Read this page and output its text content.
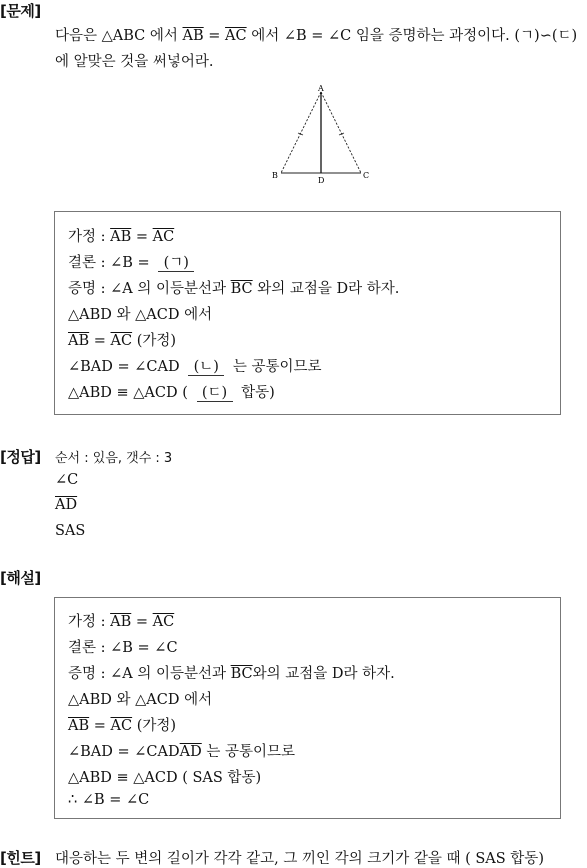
[문제]
다음은 △ABC 에서 $\overline{AB} = \overline{AC}$ 에서 ∠B = ∠C 임을 증명하는 과정이다. (ㄱ)∽(ㄷ)
에 알맞은 것을 써넣어라.
A
B	C
D
가정 : $\overline{AB} = \overline{AC}$
결론 : ∠B = (ㄱ)
증명 : ∠A 의 이등분선과 $\overline{BC}$ 와의 교점을 D라 하자.
△ABD 와 △ACD 에서
$\overline{AB} = \overline{AC}$ (가정)
∠BAD = ∠CAD (ㄴ) 는 공통이므로
△ABD ≡ △ACD ( (ㄷ) 합동)
[정답] 순서 : 있음, 갯수 : 3
∠C
$\overline{AD}$
SAS
[해설]
가정 : $\overline{AB} = \overline{AC}$
결론 : ∠B = ∠C
증명 : ∠A 의 이등분선과 $\overline{BC}$와의 교점을 D라 하자.
△ABD 와 △ACD 에서
$\overline{AB} = \overline{AC}$ (가정)
∠BAD = $\angle CAD\overline{AD}$ 는 공통이므로
△ABD ≡ △ACD ( SAS 합동)
∴ ∠B = ∠C
[힌트] 대응하는 두 변의 길이가 각각 같고, 그 끼인 각의 크기가 같을 때 ( SAS 합동)
